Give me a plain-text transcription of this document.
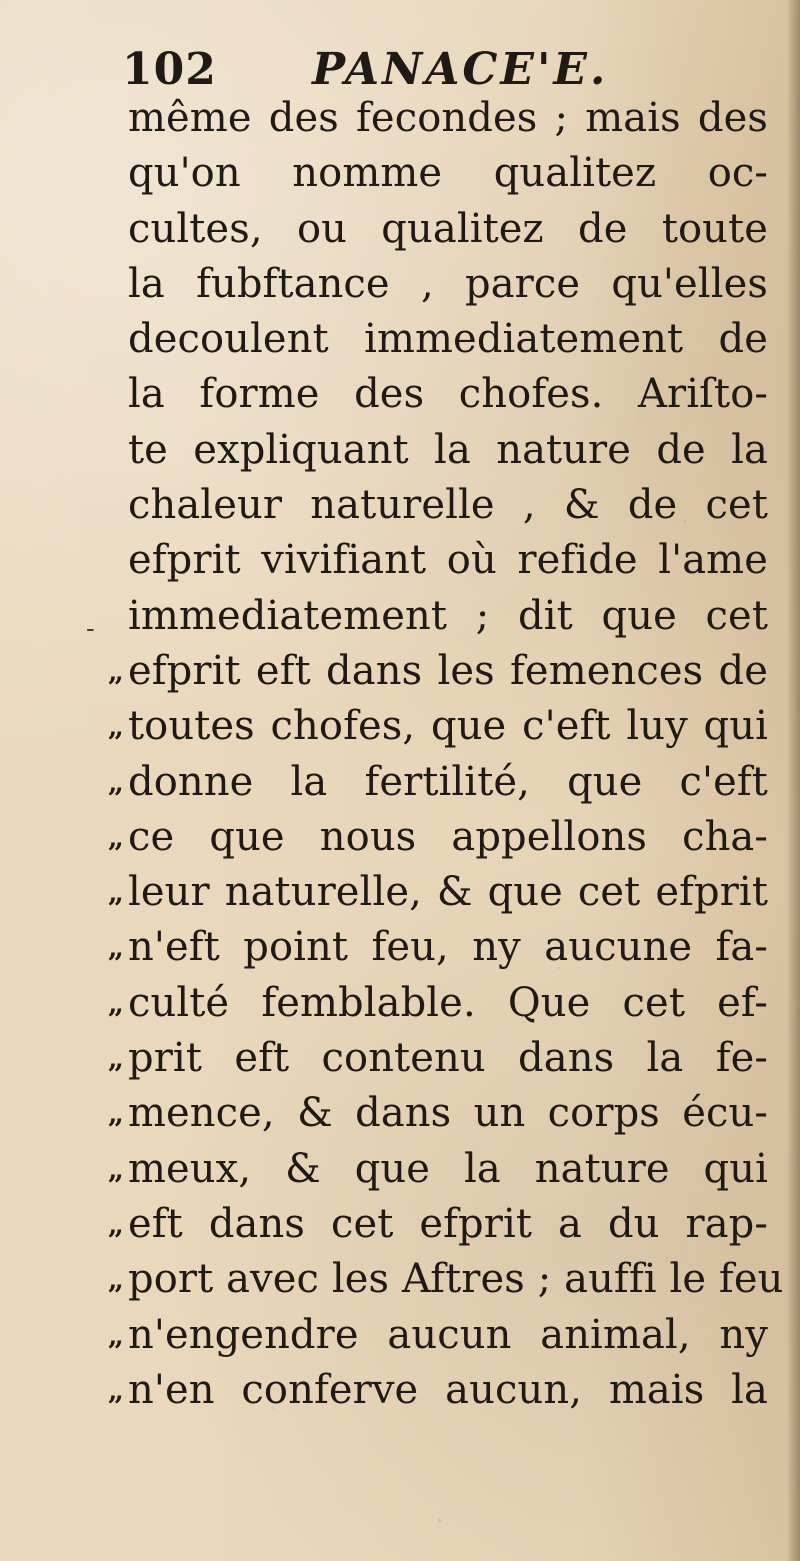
102 PANACE'E.
-
même des fecondes ; mais des
qu'on nomme qualitez oc-
cultes, ou qualitez de toute
la fubftance , parce qu'elles
decoulent immediatement de
la forme des chofes. Ariſto-
te expliquant la nature de la
chaleur naturelle , & de cet
efprit vivifiant où refide l'ame
immediatement ; dit que cet
„ efprit eft dans les femences de
„ toutes chofes, que c'eft luy qui
„ donne la fertilité, que c'eft
„ ce que nous appellons cha-
„ leur naturelle, & que cet efprit
„ n'eft point feu, ny aucune fa-
„ culté femblable. Que cet ef-
„ prit eft contenu dans la fe-
„ mence, & dans un corps écu-
„ meux, & que la nature qui
„ eft dans cet efprit a du rap-
„ port avec les Aftres ; auffi le feu
„ n'engendre aucun animal, ny
„ n'en conferve aucun, mais la
